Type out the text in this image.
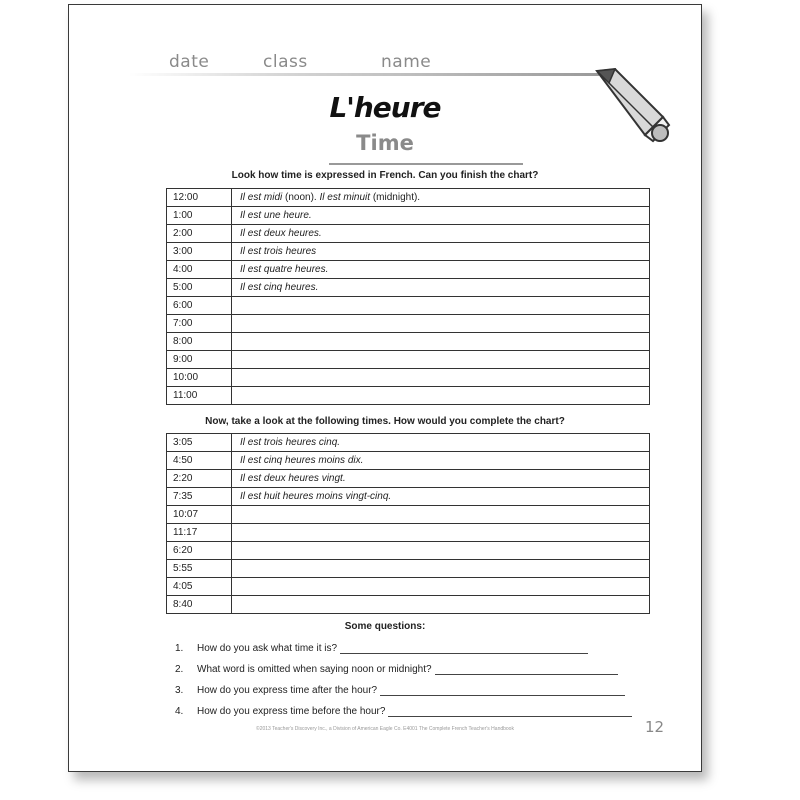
date	class	name
L'heure
Time
Look how time is expressed in French. Can you finish the chart?
12:00	Il est midi (noon). Il est minuit (midnight).
1:00	Il est une heure.
2:00	Il est deux heures.
3:00	Il est trois heures
4:00	Il est quatre heures.
5:00	Il est cinq heures.
6:00	
7:00	
8:00	
9:00	
10:00	
11:00	
Now, take a look at the following times. How would you complete the chart?
3:05	Il est trois heures cinq.
4:50	Il est cinq heures moins dix.
2:20	Il est deux heures vingt.
7:35	Il est huit heures moins vingt-cinq.
10:07	
11:17	
6:20	
5:55	
4:05	
8:40	
Some questions:
1. How do you ask what time it is?
2. What word is omitted when saying noon or midnight?
3. How do you express time after the hour?
4. How do you express time before the hour?
©2013 Teacher's Discovery Inc., a Division of American Eagle Co. E4001 The Complete French Teacher's Handbook	12
